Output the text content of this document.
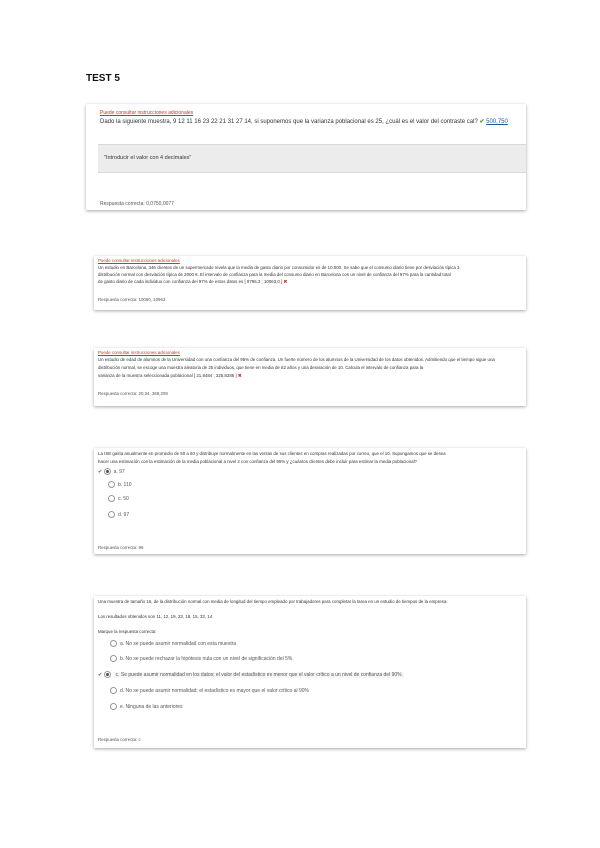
TEST 5
Puede consultar instrucciones adicionales
Dado la siguiente muestra, 9 12 11 16 23 22 21 31 27 14, si suponemos que la varianza poblacional es 25, ¿cuál es el valor del contraste cal? ✔ 500,750
"Introducir el valor con 4 decimales"
Respuesta correcta: 0,0750,0077
Puede consultar instrucciones adicionales
Un estudio en Barcelona, 346 clientes de un supermercado revela que la media de gasto diario por consumidor es de 10.000. Se sabe que el consumo diario tiene por desviación típica 3.
distribución normal con desviación típica de 2000 €. El intervalo de confianza para la media del consumo diario en Barcelona con un nivel de confianza del 97% para la cantidad total
de gasto diario de cada individuo con confianza del 97% de estos datos es [ 9796,3 ; 10063,0 ] ✖
Respuesta correcta: 10060, 10963
Puede consultar instrucciones adicionales
Un estudio de edad de alumnos de la Universidad con una confianza del 95% de confianza. Un fuerte número de los alumnos de la Universidad de los datos obtenidos. Admitiendo que el tiempo sigue una
distribución normal, se escoge una muestra aleatoria de 25 individuos, que tiene en media de 62 años y una desviación de 10. Calcula el intervalo de confianza para la
varianza de la muestra seleccionada poblacional [ 21,8484 ; 325,8286 ] ✖
Respuesta correcta: 20,34, 369,208
La ISE gasta anualmente en promedio de 50 a 60 y distribuye normalmente en las ventas de sus clientes en compras realizadas por correo, que el 10. Supongamos que se desea
hacer una estimación con la estimación de la media poblacional a nivel 2 con confianza del 95% y ¿cuántos clientes debe incluir para estimar la media poblacional?
✔ a. 97
b. 110
c. 50
d. 97
Respuesta correcta: 96
Una muestra de tamaño 16, de la distribución normal con media de longitud del tiempo empleado por trabajadores para completar la tarea en un estudio de tiempos de la empresa.
Los resultados obtenidos son 11, 12, 19, 23, 18, 15, 33, 14
Marque la respuesta correcta:
a. No se puede asumir normalidad con esta muestra
b. No se puede rechazar la hipótesis nula con un nivel de significación del 5%
✔	c. Se puede asumir normalidad en los datos; el valor del estadístico es menor que el valor crítico a un nivel de confianza del 90%
d. No se puede asumir normalidad; el estadístico es mayor que el valor crítico al 90%
e. Ninguna de las anteriores
Respuesta correcta: c
